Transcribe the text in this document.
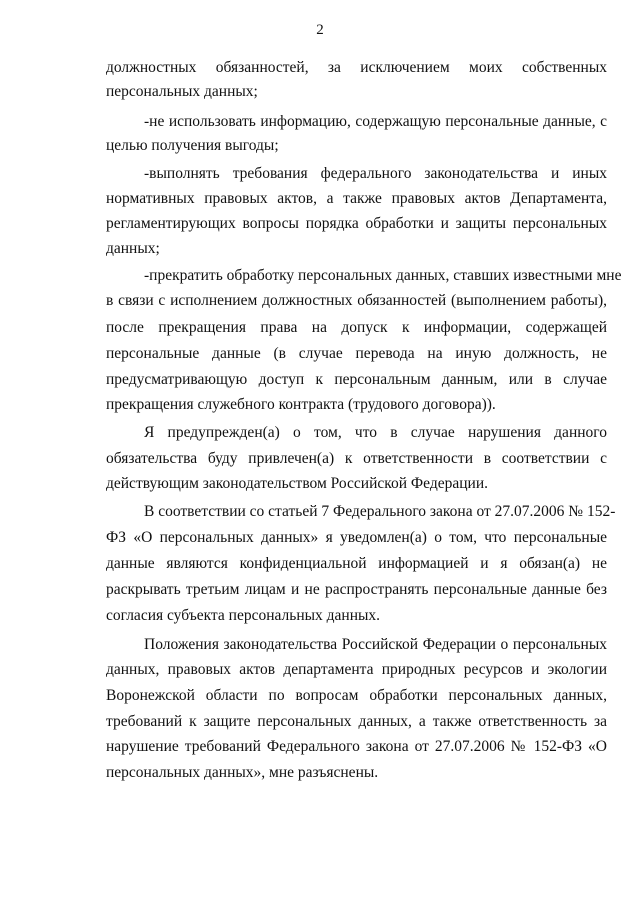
2
должностных обязанностей, за исключением моих собственных
персональных данных;
-не использовать информацию, содержащую персональные данные, с
целью получения выгоды;
-выполнять требования федерального законодательства и иных
нормативных правовых актов, а также правовых актов Департамента,
регламентирующих вопросы порядка обработки и защиты персональных
данных;
-прекратить обработку персональных данных, ставших известными мне
в связи с исполнением должностных обязанностей (выполнением работы),
после прекращения права на допуск к информации, содержащей
персональные данные (в случае перевода на иную должность, не
предусматривающую доступ к персональным данным, или в случае
прекращения служебного контракта (трудового договора)).
Я предупрежден(а) о том, что в случае нарушения данного
обязательства буду привлечен(а) к ответственности в соответствии с
действующим законодательством Российской Федерации.
В соответствии со статьей 7 Федерального закона от 27.07.2006 № 152-
ФЗ «О персональных данных» я уведомлен(а) о том, что персональные
данные являются конфиденциальной информацией и я обязан(а) не
раскрывать третьим лицам и не распространять персональные данные без
согласия субъекта персональных данных.
Положения законодательства Российской Федерации о персональных
данных, правовых актов департамента природных ресурсов и экологии
Воронежской области по вопросам обработки персональных данных,
требований к защите персональных данных, а также ответственность за
нарушение требований Федерального закона от 27.07.2006 № 152-ФЗ «О
персональных данных», мне разъяснены.
